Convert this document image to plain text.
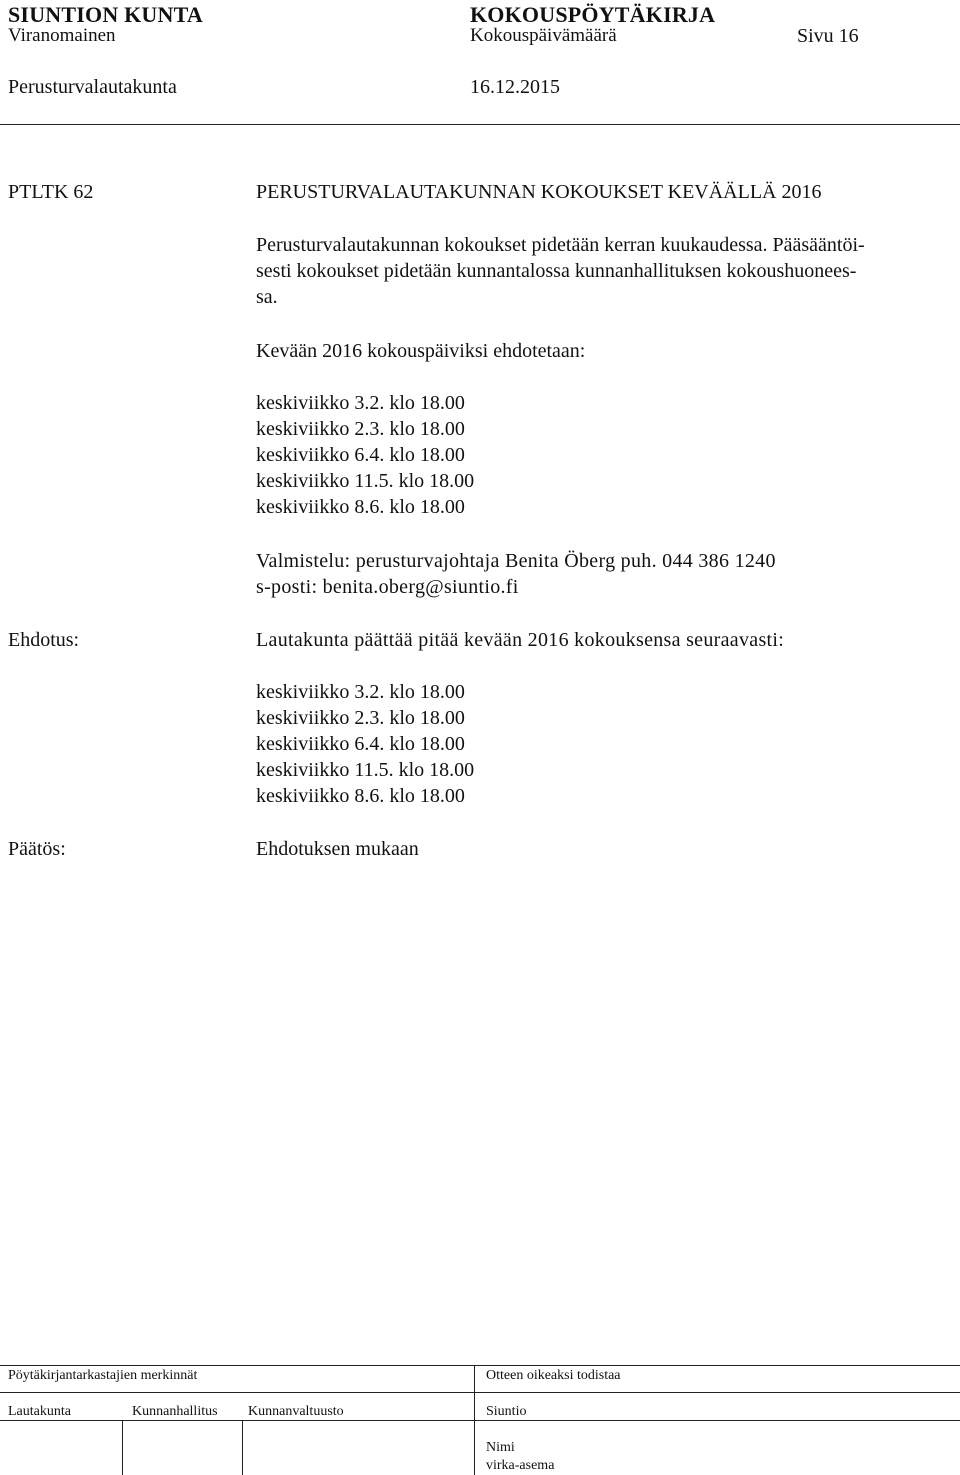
SIUNTION KUNTA	KOKOUSPÖYTÄKIRJA
Viranomainen	Kokouspäivämäärä	Sivu 16
Perusturvalautakunta	16.12.2015
PTLTK 62	PERUSTURVALAUTAKUNNAN KOKOUKSET KEVÄÄLLÄ 2016
Perusturvalautakunnan kokoukset pidetään kerran kuukaudessa. Pääsääntöi-
sesti kokoukset pidetään kunnantalossa kunnanhallituksen kokoushuonees-
sa.
Kevään 2016 kokouspäiviksi ehdotetaan:
keskiviikko 3.2. klo 18.00
keskiviikko 2.3. klo 18.00
keskiviikko 6.4. klo 18.00
keskiviikko 11.5. klo 18.00
keskiviikko 8.6. klo 18.00
Valmistelu: perusturvajohtaja Benita Öberg puh. 044 386 1240
s-posti: benita.oberg@siuntio.fi
Ehdotus:	Lautakunta päättää pitää kevään 2016 kokouksensa seuraavasti:
keskiviikko 3.2. klo 18.00
keskiviikko 2.3. klo 18.00
keskiviikko 6.4. klo 18.00
keskiviikko 11.5. klo 18.00
keskiviikko 8.6. klo 18.00
Päätös:	Ehdotuksen mukaan
Pöytäkirjantarkastajien merkinnät	Otteen oikeaksi todistaa
Lautakunta	Kunnanhallitus Kunnanvaltuusto	Siuntio
Nimi
virka-asema
